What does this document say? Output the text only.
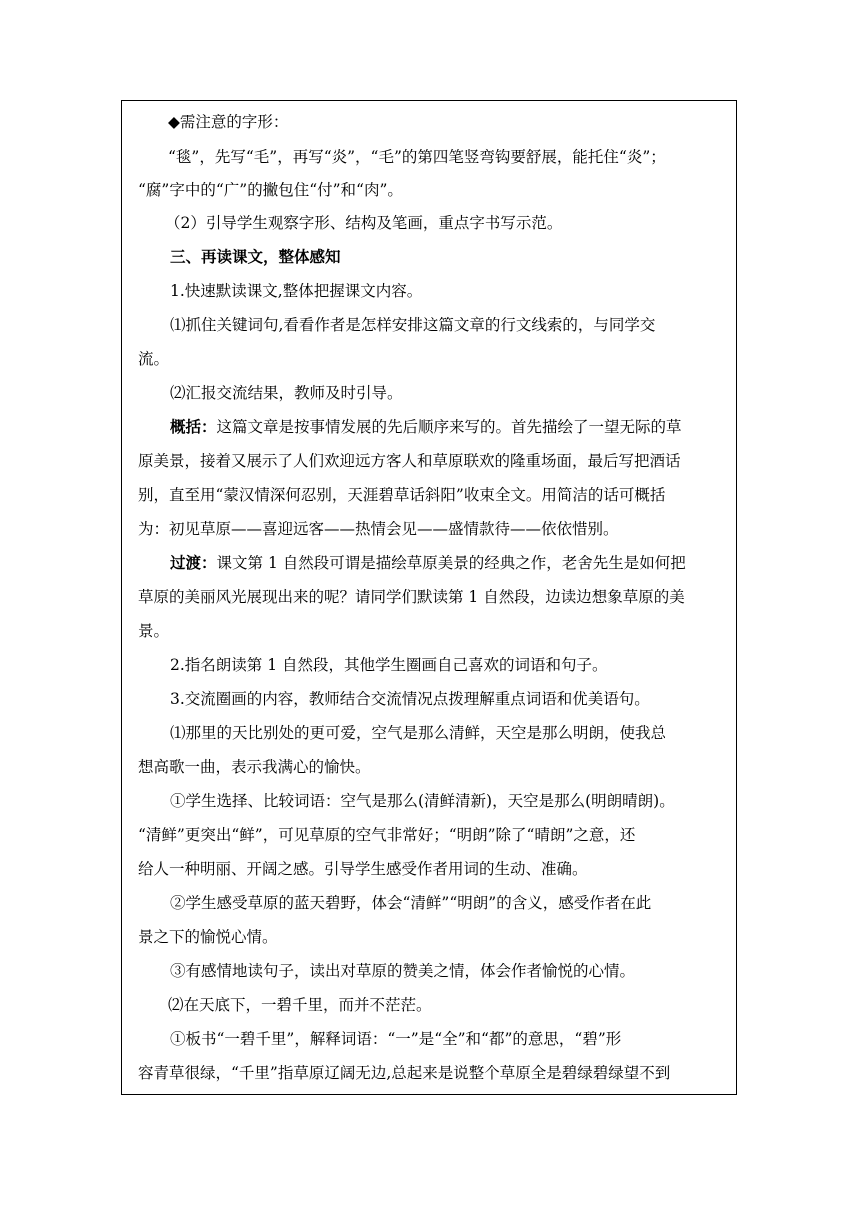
◆需注意的字形：
“毯”，先写“毛”，再写“炎”，“毛”的第四笔竖弯钩要舒展，能托住“炎”；
“腐”字中的“广”的撇包住“付”和“肉”。
（2）引导学生观察字形、结构及笔画，重点字书写示范。
三、再读课文，整体感知
1.快速默读课文,整体把握课文内容。
⑴抓住关键词句,看看作者是怎样安排这篇文章的行文线索的，与同学交
流。
⑵汇报交流结果，教师及时引导。
概括：这篇文章是按事情发展的先后顺序来写的。首先描绘了一望无际的草
原美景，接着又展示了人们欢迎远方客人和草原联欢的隆重场面，最后写把酒话
别，直至用“蒙汉情深何忍别，天涯碧草话斜阳”收束全文。用简洁的话可概括
为：初见草原——喜迎远客——热情会见——盛情款待——依依惜别。
过渡：课文第 1 自然段可谓是描绘草原美景的经典之作，老舍先生是如何把
草原的美丽风光展现出来的呢？请同学们默读第 1 自然段，边读边想象草原的美
景。
2.指名朗读第 1 自然段，其他学生圈画自己喜欢的词语和句子。
3.交流圈画的内容，教师结合交流情况点拨理解重点词语和优美语句。
⑴那里的天比别处的更可爱，空气是那么清鲜，天空是那么明朗，使我总
想高歌一曲，表示我满心的愉快。
①学生选择、比较词语：空气是那么(清鲜清新)，天空是那么(明朗晴朗)。
“清鲜”更突出“鲜”，可见草原的空气非常好；“明朗”除了“晴朗”之意，还
给人一种明丽、开阔之感。引导学生感受作者用词的生动、准确。
②学生感受草原的蓝天碧野，体会“清鲜”“明朗”的含义，感受作者在此
景之下的愉悦心情。
③有感情地读句子，读出对草原的赞美之情，体会作者愉悦的心情。
⑵在天底下，一碧千里，而并不茫茫。
①板书“一碧千里”，解释词语：“一”是“全”和“都”的意思，“碧”形
容青草很绿，“千里”指草原辽阔无边,总起来是说整个草原全是碧绿碧绿望不到
